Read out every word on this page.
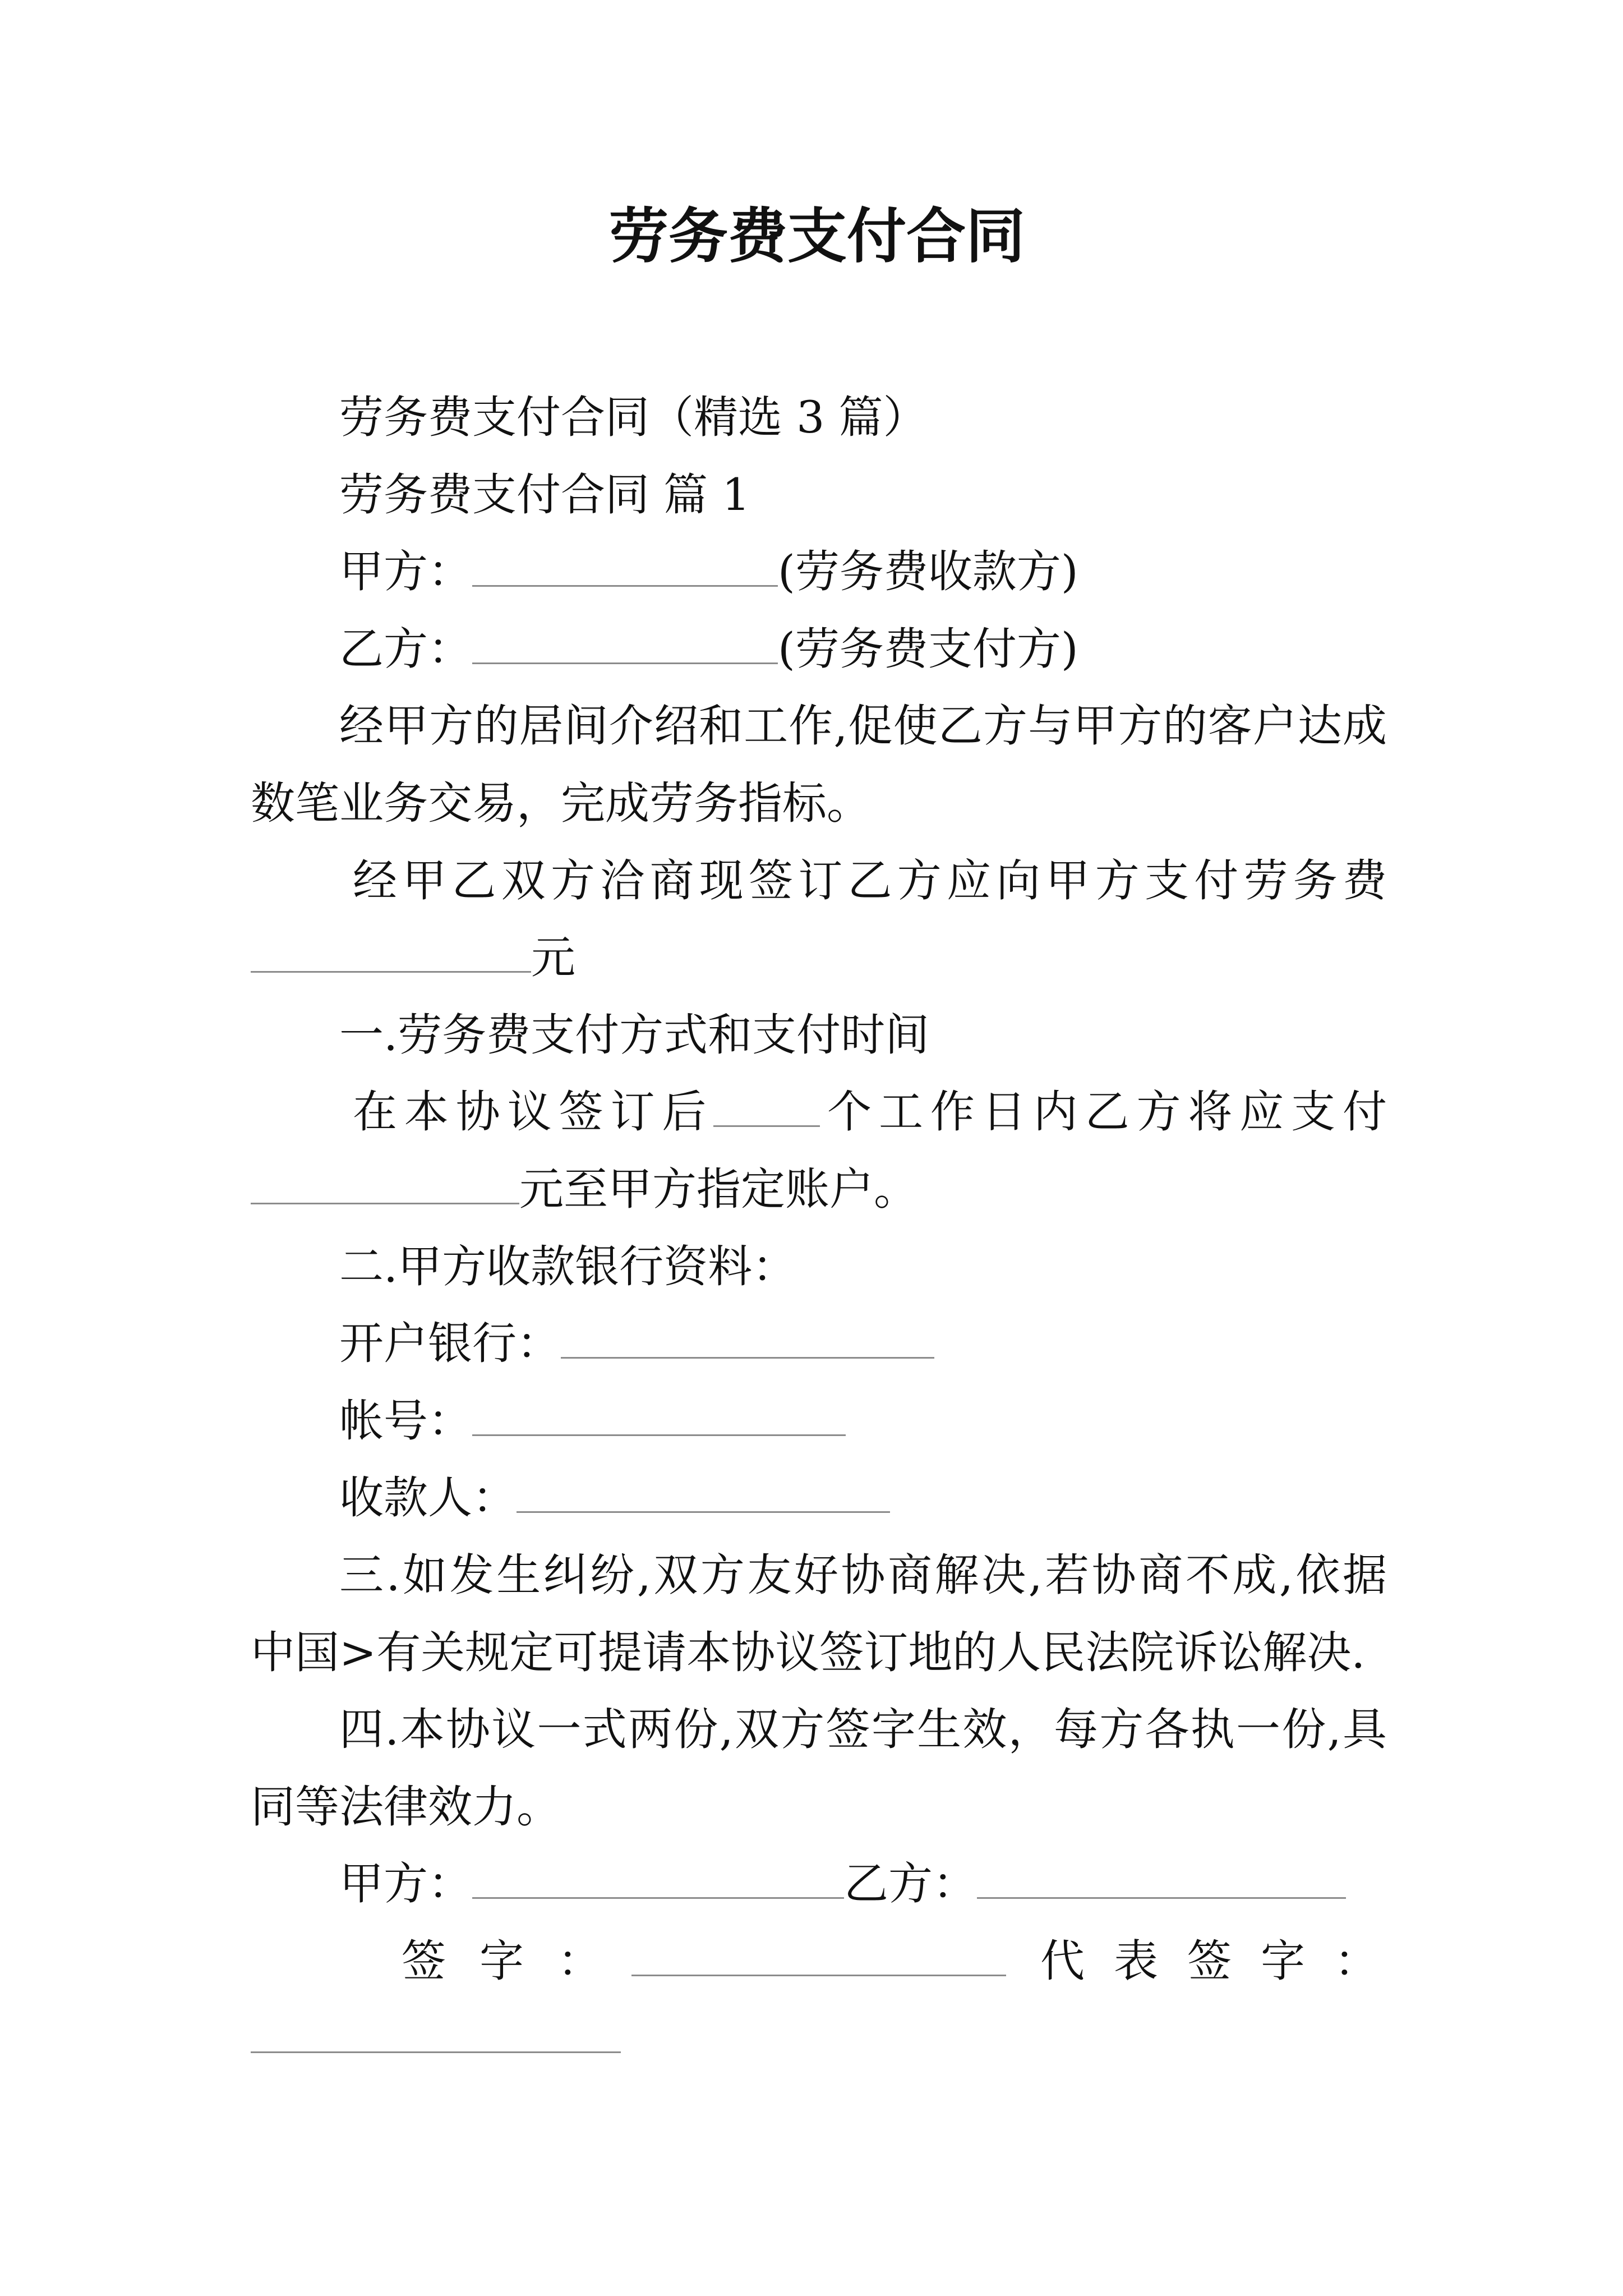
劳务费支付合同
劳务费支付合同（精选 3 篇）
劳务费支付合同 篇 1
甲方：	(劳务费收款方)
乙方：	(劳务费支付方)
经甲方的居间介绍和工作,促使乙方与甲方的客户达成
数笔业务交易，完成劳务指标。
经甲乙双方洽商现签订乙方应向甲方支付劳务费
元
一.劳务费支付方式和支付时间
在本协议签订后 个工作日内乙方将应支付
元至甲方指定账户。
二.甲方收款银行资料：
开户银行：
帐号：
收款人：
三.如发生纠纷,双方友好协商解决,若协商不成,依据
中国>有关规定可提请本协议签订地的人民法院诉讼解决.
四.本协议一式两份,双方签字生效，每方各执一份,具
同等法律效力。
甲方：	乙方：
签字：	代表签字：
